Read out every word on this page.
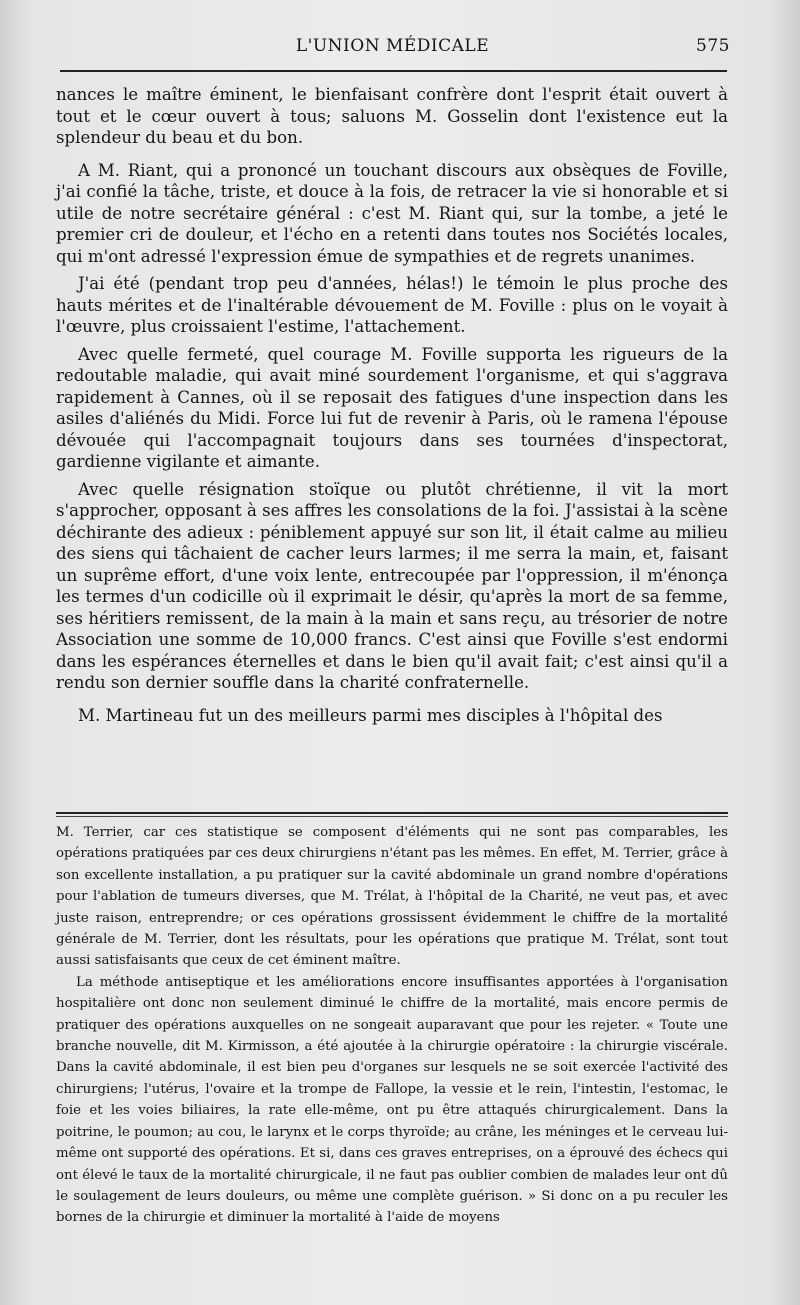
L'UNION MÉDICALE	575

nances le maître éminent, le bienfaisant confrère dont l'esprit était ouvert à tout et le cœur ouvert à tous; saluons M. Gosselin dont l'existence eut la splendeur du beau et du bon.

A M. Riant, qui a prononcé un touchant discours aux obsèques de Foville, j'ai confié la tâche, triste, et douce à la fois, de retracer la vie si honorable et si utile de notre secrétaire général : c'est M. Riant qui, sur la tombe, a jeté le premier cri de douleur, et l'écho en a retenti dans toutes nos Sociétés locales, qui m'ont adressé l'expression émue de sympathies et de regrets unanimes.

J'ai été (pendant trop peu d'années, hélas!) le témoin le plus proche des hauts mérites et de l'inaltérable dévouement de M. Foville : plus on le voyait à l'œuvre, plus croissaient l'estime, l'attachement.

Avec quelle fermeté, quel courage M. Foville supporta les rigueurs de la redoutable maladie, qui avait miné sourdement l'organisme, et qui s'aggrava rapidement à Cannes, où il se reposait des fatigues d'une inspection dans les asiles d'aliénés du Midi. Force lui fut de revenir à Paris, où le ramena l'épouse dévouée qui l'accompagnait toujours dans ses tournées d'inspectorat, gardienne vigilante et aimante.

Avec quelle résignation stoïque ou plutôt chrétienne, il vit la mort s'approcher, opposant à ses affres les consolations de la foi. J'assistai à la scène déchirante des adieux : péniblement appuyé sur son lit, il était calme au milieu des siens qui tâchaient de cacher leurs larmes; il me serra la main, et, faisant un suprême effort, d'une voix lente, entrecoupée par l'oppression, il m'énonça les termes d'un codicille où il exprimait le désir, qu'après la mort de sa femme, ses héritiers remissent, de la main à la main et sans reçu, au trésorier de notre Association une somme de 10,000 francs. C'est ainsi que Foville s'est endormi dans les espérances éternelles et dans le bien qu'il avait fait; c'est ainsi qu'il a rendu son dernier souffle dans la charité confraternelle.

M. Martineau fut un des meilleurs parmi mes disciples à l'hôpital des

M. Terrier, car ces statistique se composent d'éléments qui ne sont pas comparables, les opérations pratiquées par ces deux chirurgiens n'étant pas les mêmes. En effet, M. Terrier, grâce à son excellente installation, a pu pratiquer sur la cavité abdominale un grand nombre d'opérations pour l'ablation de tumeurs diverses, que M. Trélat, à l'hôpital de la Charité, ne veut pas, et avec juste raison, entreprendre; or ces opérations grossissent évidemment le chiffre de la mortalité générale de M. Terrier, dont les résultats, pour les opérations que pratique M. Trélat, sont tout aussi satisfaisants que ceux de cet éminent maître.

La méthode antiseptique et les améliorations encore insuffisantes apportées à l'organisation hospitalière ont donc non seulement diminué le chiffre de la mortalité, mais encore permis de pratiquer des opérations auxquelles on ne songeait auparavant que pour les rejeter. « Toute une branche nouvelle, dit M. Kirmisson, a été ajoutée à la chirurgie opératoire : la chirurgie viscérale. Dans la cavité abdominale, il est bien peu d'organes sur lesquels ne se soit exercée l'activité des chirurgiens; l'utérus, l'ovaire et la trompe de Fallope, la vessie et le rein, l'intestin, l'estomac, le foie et les voies biliaires, la rate elle-même, ont pu être attaqués chirurgicalement. Dans la poitrine, le poumon; au cou, le larynx et le corps thyroïde; au crâne, les méninges et le cerveau lui-même ont supporté des opérations. Et si, dans ces graves entreprises, on a éprouvé des échecs qui ont élevé le taux de la mortalité chirurgicale, il ne faut pas oublier combien de malades leur ont dû le soulagement de leurs douleurs, ou même une complète guérison. » Si donc on a pu reculer les bornes de la chirurgie et diminuer la mortalité à l'aide de moyens
